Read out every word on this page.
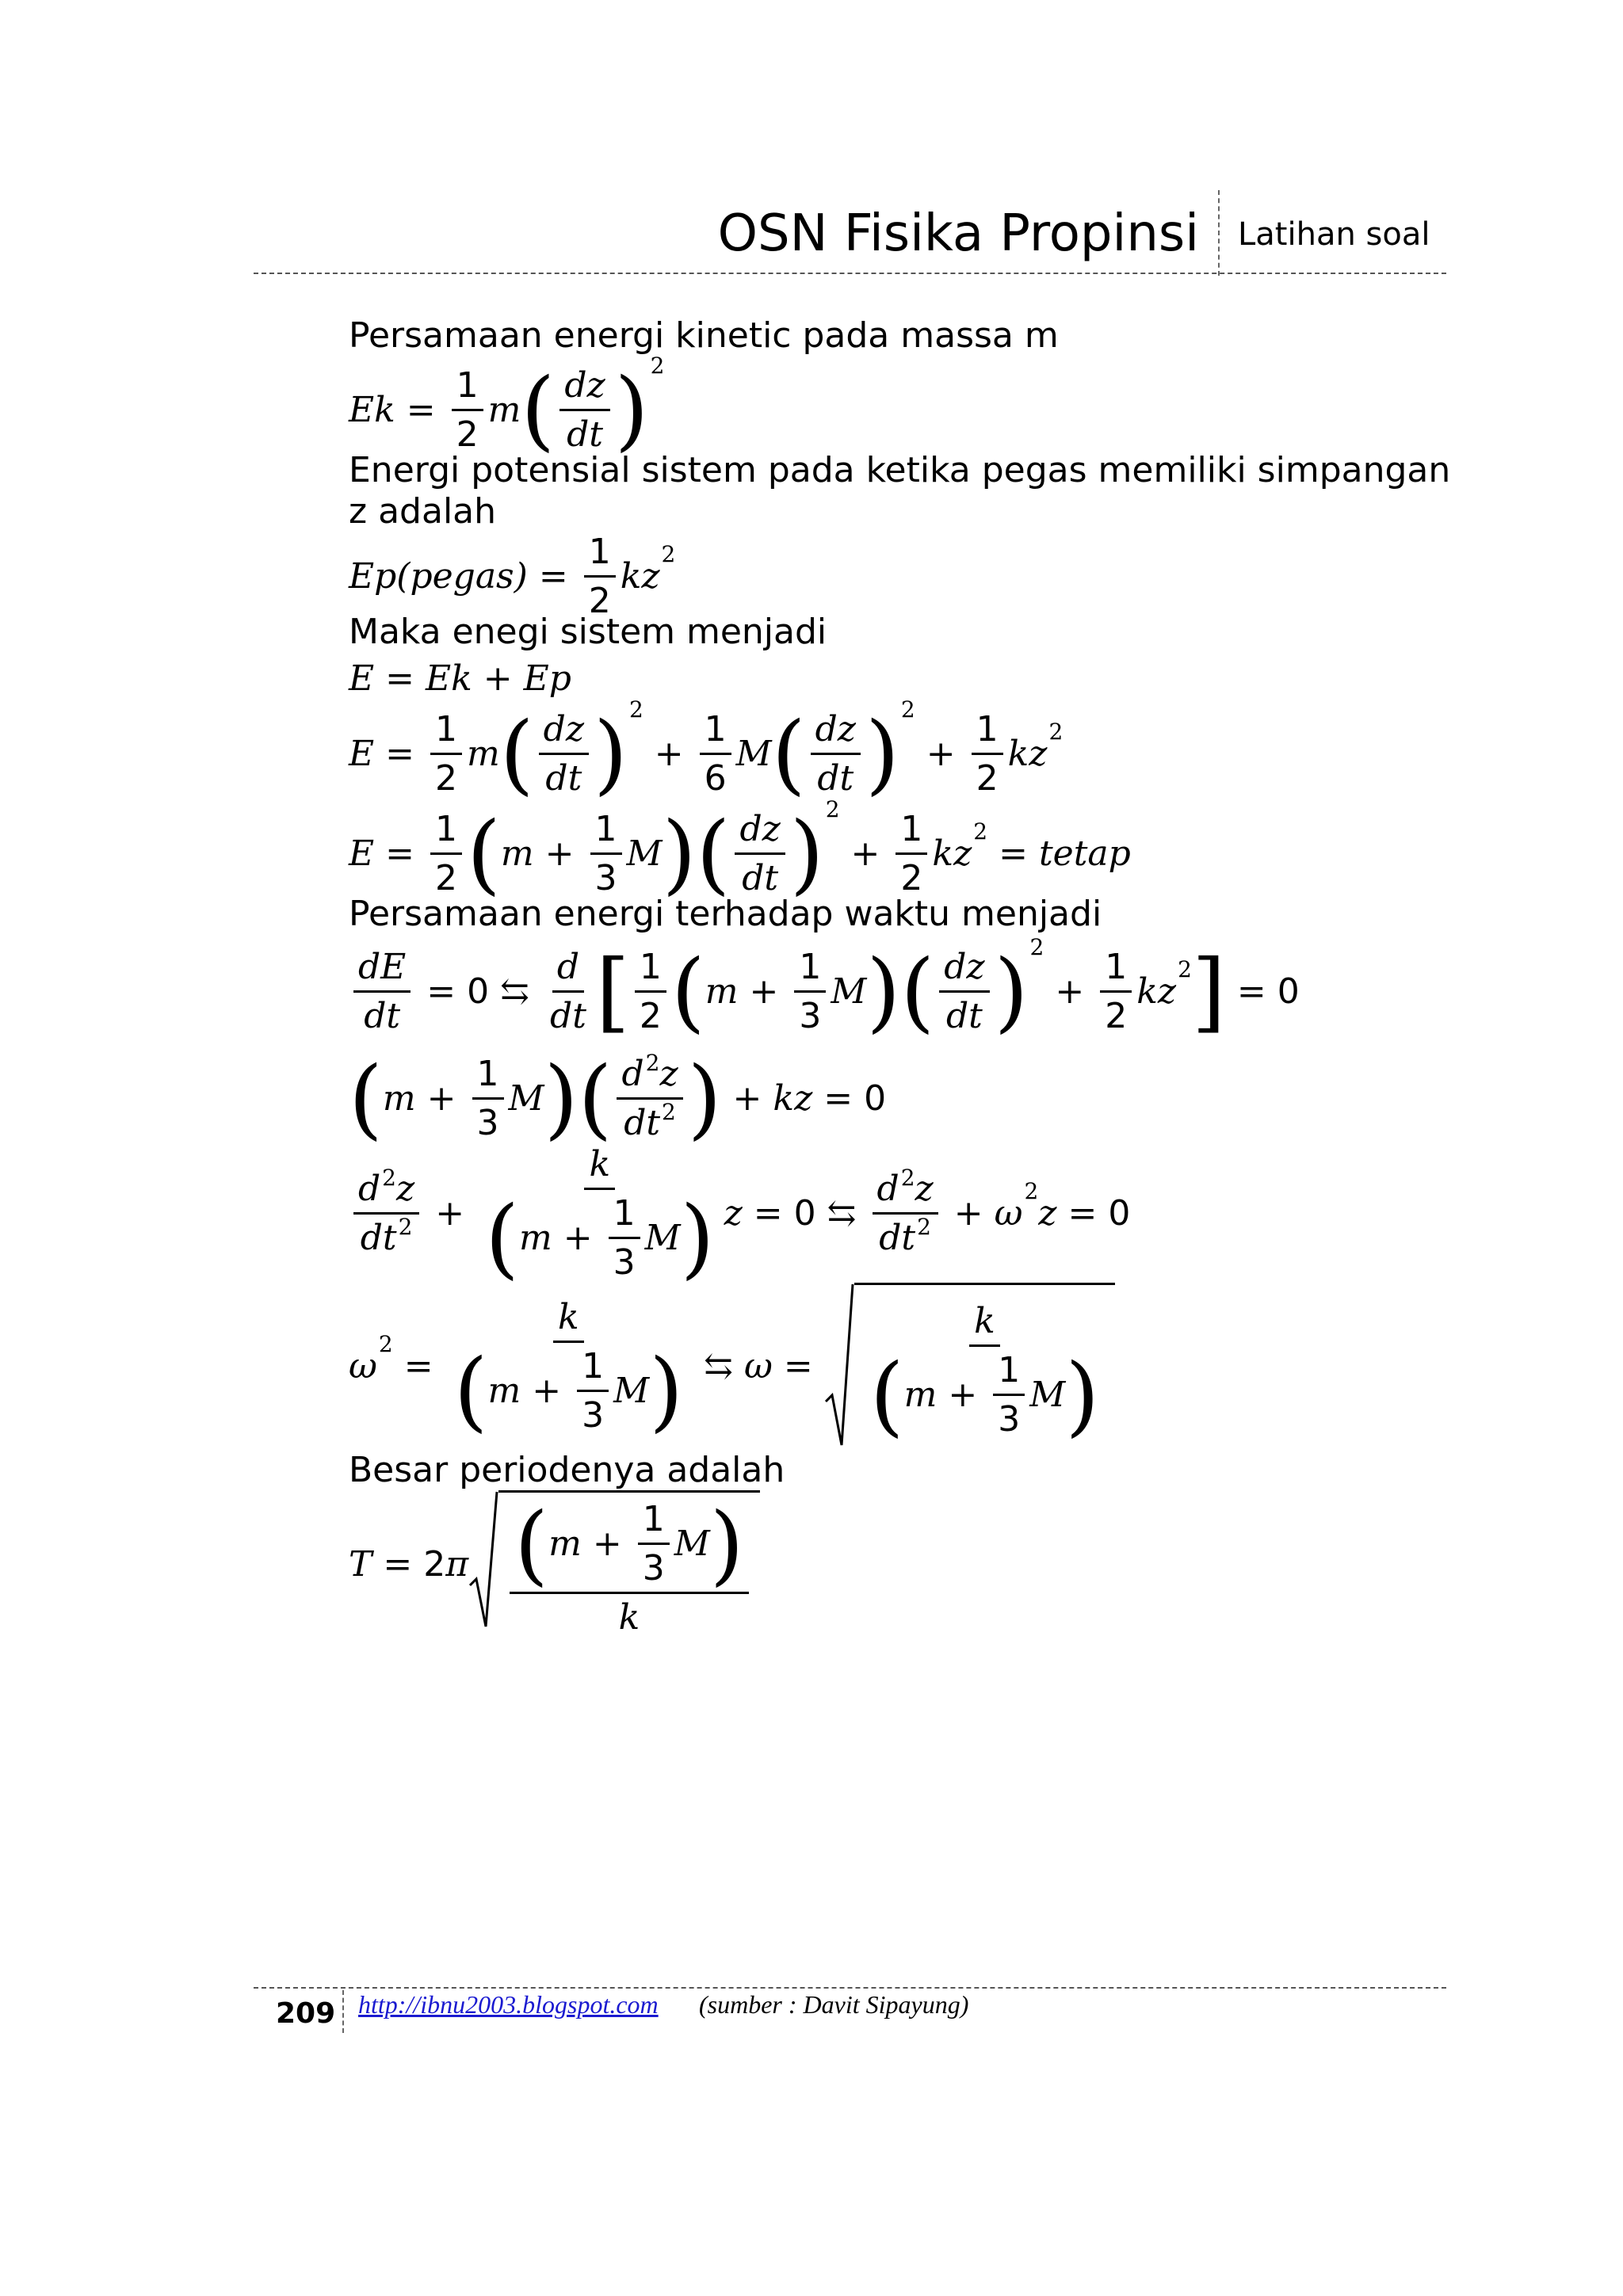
OSN Fisika Propinsi Latihan soal
Persamaan energi kinetic pada massa m
$Ek = \frac{1}{2}$ m ( $\frac{dz}{dt} )^2$
Energi potensial sistem pada ketika pegas memiliki simpangan z adalah
Ep(pegas) = $\frac{1}{2}$ kz
$^2$
Maka enegi sistem menjadi
E = Ek + Ep
$E = \frac{1}{2}$ m ( $\frac{dz}{dt} )^2$
+ $\frac{1}{6}$ M ( $\frac{dz}{dt} )^2$
+ $\frac{1}{2}$ kz
$^2$
$E = \frac{1}{2}$ ( $m + \frac{1}{3}$ M ) ( $\frac{dz}{dt} )^2$
+ $\frac{1}{2}$ kz
$^2$
= tetap
Persamaan energi terhadap waktu menjadi
$\frac{dE}{dt} = 0$ ⇆ $\frac{d}{dt}$ [ $\frac{1}{2}$ ( $m + \frac{1}{3}$ M ) ( $\frac{dz}{dt} )^2$
+ $\frac{1}{2}$ kz
$^2$ ] = 0
( $m + \frac{1}{3}$ M ) ( $\frac{d^2 z}{dt^2}$ ) + kz = 0
$\frac{d^2 z}{dt^2} + \frac{k}{( m + \frac{1}{3} M )}$ z = 0 ⇆ $\frac{d^2 z}{dt^2} + \omega$
$^2$
z = 0
ω
$^2$
= $\frac{k}{( m + \frac{1}{3} M )}$ ⇆ $\omega = \frac{k}{( m + \frac{1}{3} M )}$
Besar periodenya adalah
T = 2 π $\frac{( m + \frac{1}{3} M )}{k}$
209 http://ibnu2003.blogspot.com (sumber : Davit Sipayung)
